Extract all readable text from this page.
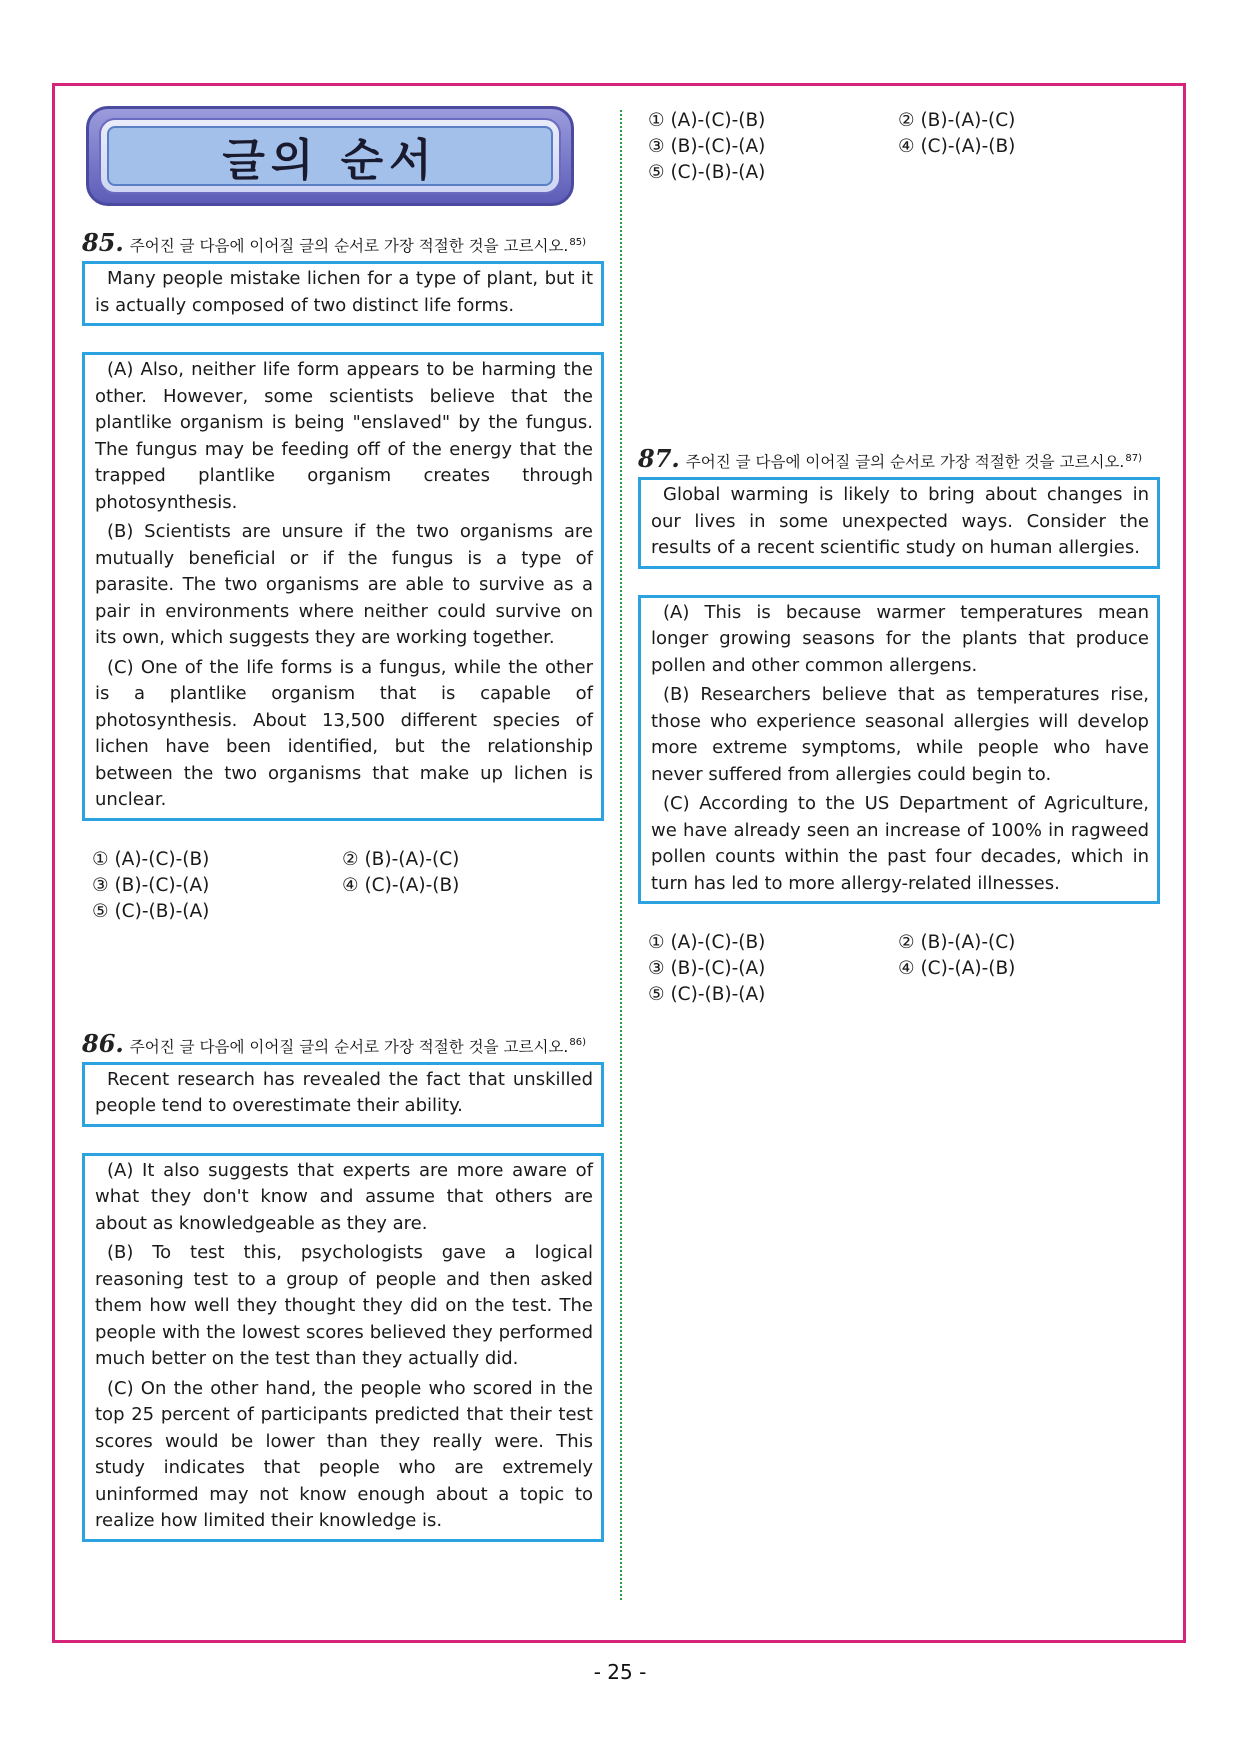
글의 순서
85. 주어진 글 다음에 이어질 글의 순서로 가장 적절한 것을 고르시오.$^{85)}$

Many people mistake lichen for a type of plant, but it is actually composed of two distinct life forms.

(A) Also, neither life form appears to be harming the other. However, some scientists believe that the plantlike organism is being "enslaved" by the fungus. The fungus may be feeding off of the energy that the trapped plantlike organism creates through photosynthesis.

(B) Scientists are unsure if the two organisms are mutually beneficial or if the fungus is a type of parasite. The two organisms are able to survive as a pair in environments where neither could survive on its own, which suggests they are working together.

(C) One of the life forms is a fungus, while the other is a plantlike organism that is capable of photosynthesis. About 13,500 different species of lichen have been identified, but the relationship between the two organisms that make up lichen is unclear.

① (A)-(C)-(B)	② (B)-(A)-(C)
③ (B)-(C)-(A)	④ (C)-(A)-(B)
⑤ (C)-(B)-(A)
86. 주어진 글 다음에 이어질 글의 순서로 가장 적절한 것을 고르시오.$^{86)}$

Recent research has revealed the fact that unskilled people tend to overestimate their ability.

(A) It also suggests that experts are more aware of what they don't know and assume that others are about as knowledgeable as they are.

(B) To test this, psychologists gave a logical reasoning test to a group of people and then asked them how well they thought they did on the test. The people with the lowest scores believed they performed much better on the test than they actually did.

(C) On the other hand, the people who scored in the top 25 percent of participants predicted that their test scores would be lower than they really were. This study indicates that people who are extremely uninformed may not know enough about a topic to realize how limited their knowledge is.

① (A)-(C)-(B)	② (B)-(A)-(C)
③ (B)-(C)-(A)	④ (C)-(A)-(B)
⑤ (C)-(B)-(A)
87. 주어진 글 다음에 이어질 글의 순서로 가장 적절한 것을 고르시오.$^{87)}$

Global warming is likely to bring about changes in our lives in some unexpected ways. Consider the results of a recent scientific study on human allergies.

(A) This is because warmer temperatures mean longer growing seasons for the plants that produce pollen and other common allergens.

(B) Researchers believe that as temperatures rise, those who experience seasonal allergies will develop more extreme symptoms, while people who have never suffered from allergies could begin to.

(C) According to the US Department of Agriculture, we have already seen an increase of 100% in ragweed pollen counts within the past four decades, which in turn has led to more allergy-related illnesses.

① (A)-(C)-(B)	② (B)-(A)-(C)
③ (B)-(C)-(A)	④ (C)-(A)-(B)
⑤ (C)-(B)-(A)
- 25 -
